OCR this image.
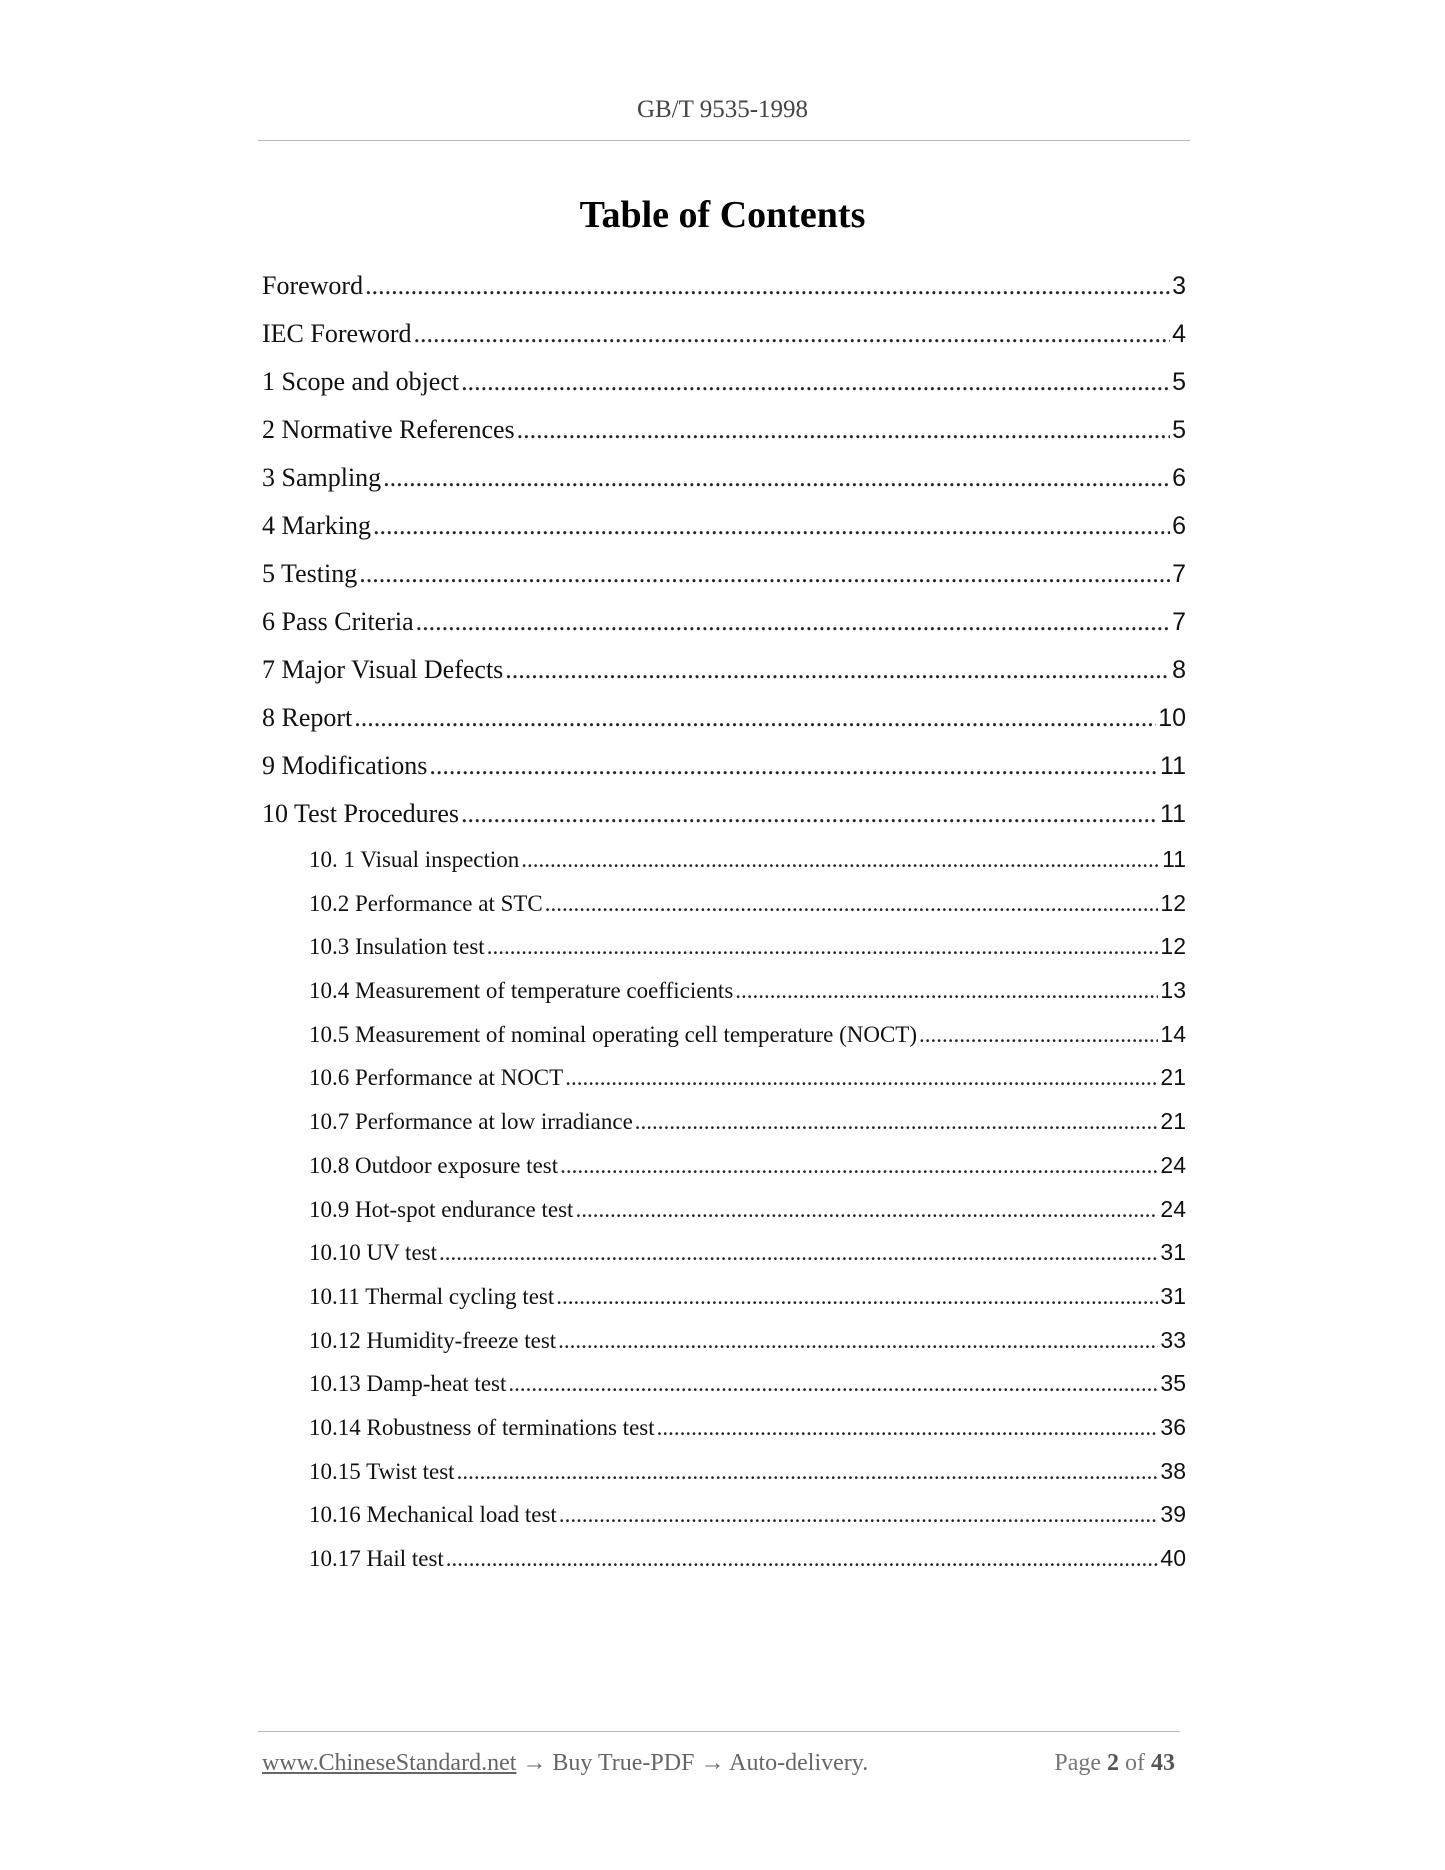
GB/T 9535-1998
Table of Contents
Foreword .....	3
IEC Foreword .....	4
1 Scope and object .....	5
2 Normative References .....	5
3 Sampling .....	6
4 Marking .....	6
5 Testing .....	7
6 Pass Criteria .....	7
7 Major Visual Defects .....	8
8 Report .....	10
9 Modifications .....	11
10 Test Procedures .....	11
10. 1 Visual inspection .....	11
10.2 Performance at STC .....	12
10.3 Insulation test .....	12
10.4 Measurement of temperature coefficients .....	13
10.5 Measurement of nominal operating cell temperature (NOCT) .....	14
10.6 Performance at NOCT .....	21
10.7 Performance at low irradiance .....	21
10.8 Outdoor exposure test .....	24
10.9 Hot-spot endurance test .....	24
10.10 UV test .....	31
10.11 Thermal cycling test .....	31
10.12 Humidity-freeze test .....	33
10.13 Damp-heat test .....	35
10.14 Robustness of terminations test .....	36
10.15 Twist test .....	38
10.16 Mechanical load test .....	39
10.17 Hail test .....	40
www.ChineseStandard.net → Buy True-PDF → Auto-delivery.	Page 2 of 43
